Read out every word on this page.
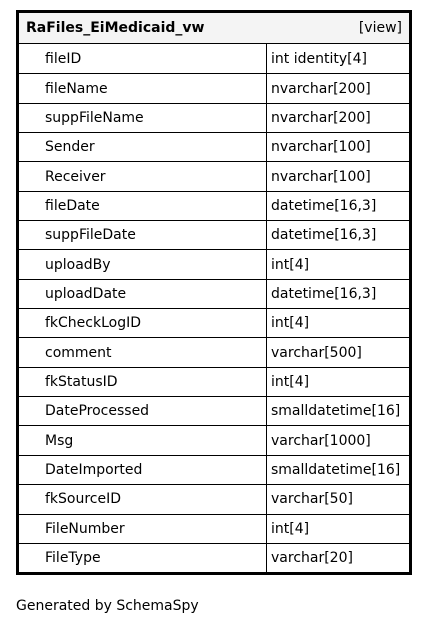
RaFiles_EiMedicaid_vw	[view]
fileID	int identity[4]
fileName	nvarchar[200]
suppFileName	nvarchar[200]
Sender	nvarchar[100]
Receiver	nvarchar[100]
fileDate	datetime[16,3]
suppFileDate	datetime[16,3]
uploadBy	int[4]
uploadDate	datetime[16,3]
fkCheckLogID	int[4]
comment	varchar[500]
fkStatusID	int[4]
DateProcessed	smalldatetime[16]
Msg	varchar[1000]
DateImported	smalldatetime[16]
fkSourceID	varchar[50]
FileNumber	int[4]
FileType	varchar[20]
Generated by SchemaSpy
